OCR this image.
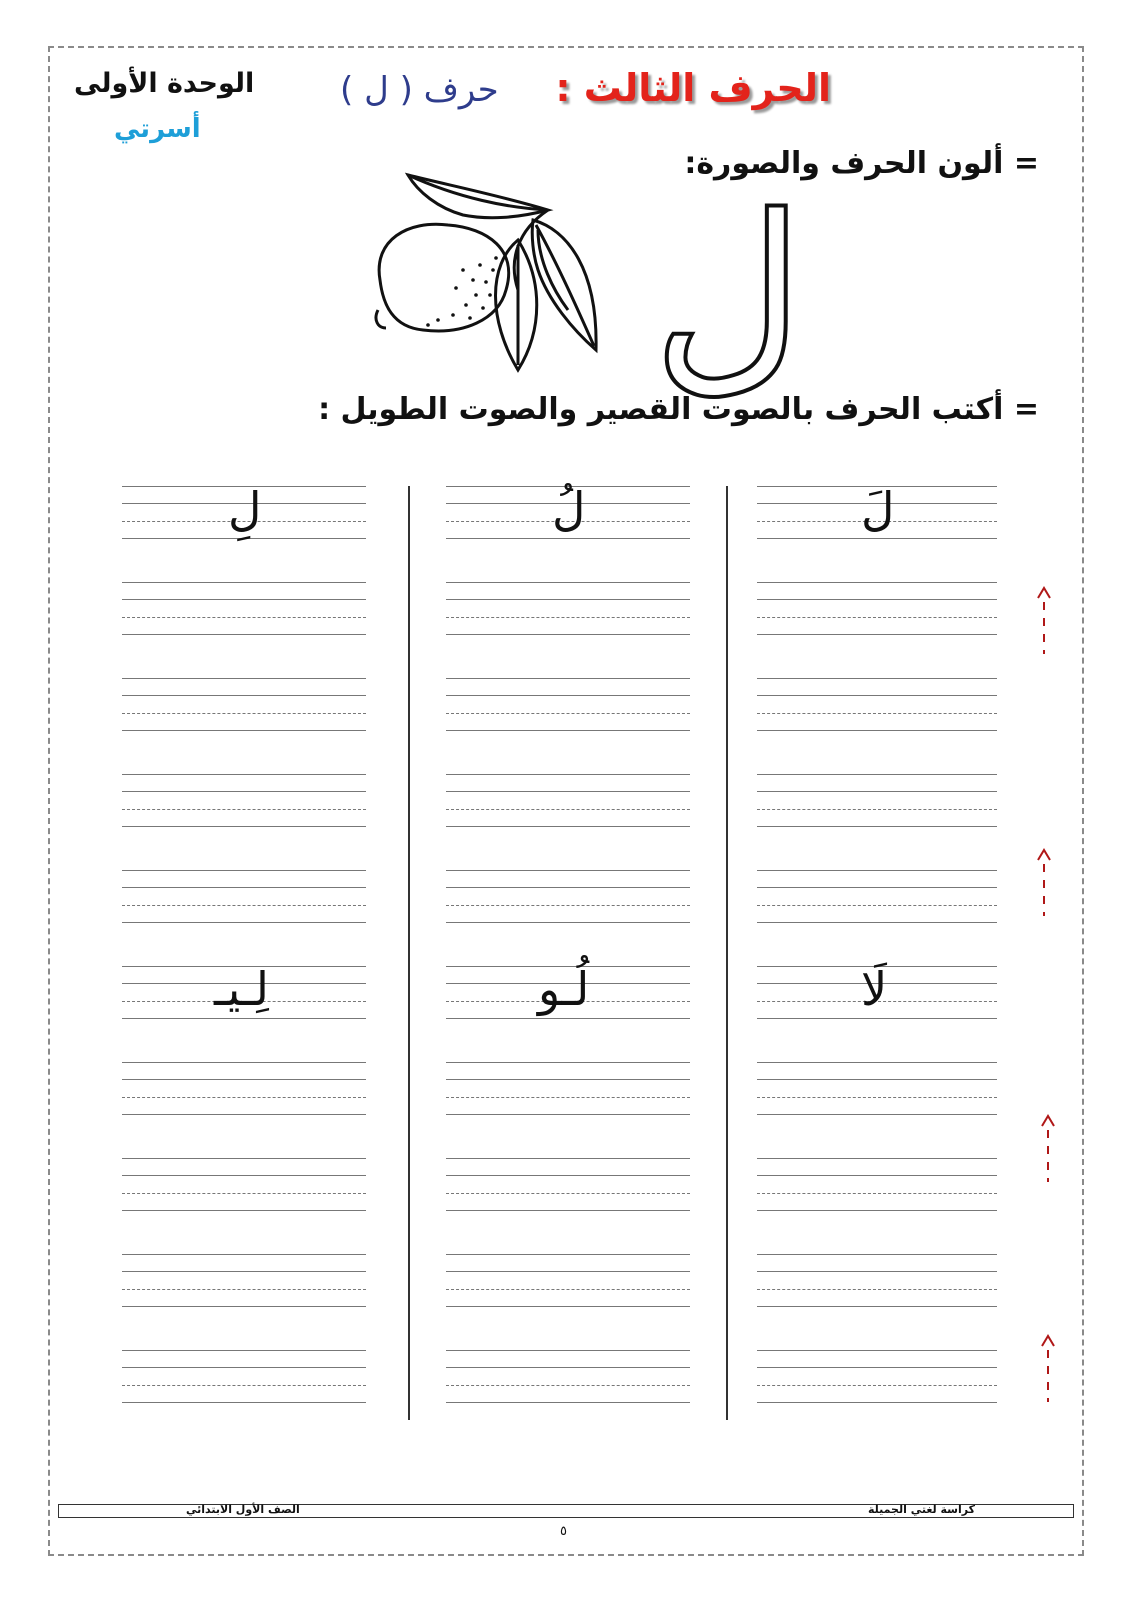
الحرف الثالث :
حرف ( ل )
الوحدة الأولى
أسرتي
= ألون الحرف والصورة:
ل
= أكتب الحرف بالصوت القصير والصوت الطويل :
لَ
لَا
لُ
لُـو
لِ
لِـيـ
كراسة لغتي الجميلة
الصف الأول الابتدائي
٥
